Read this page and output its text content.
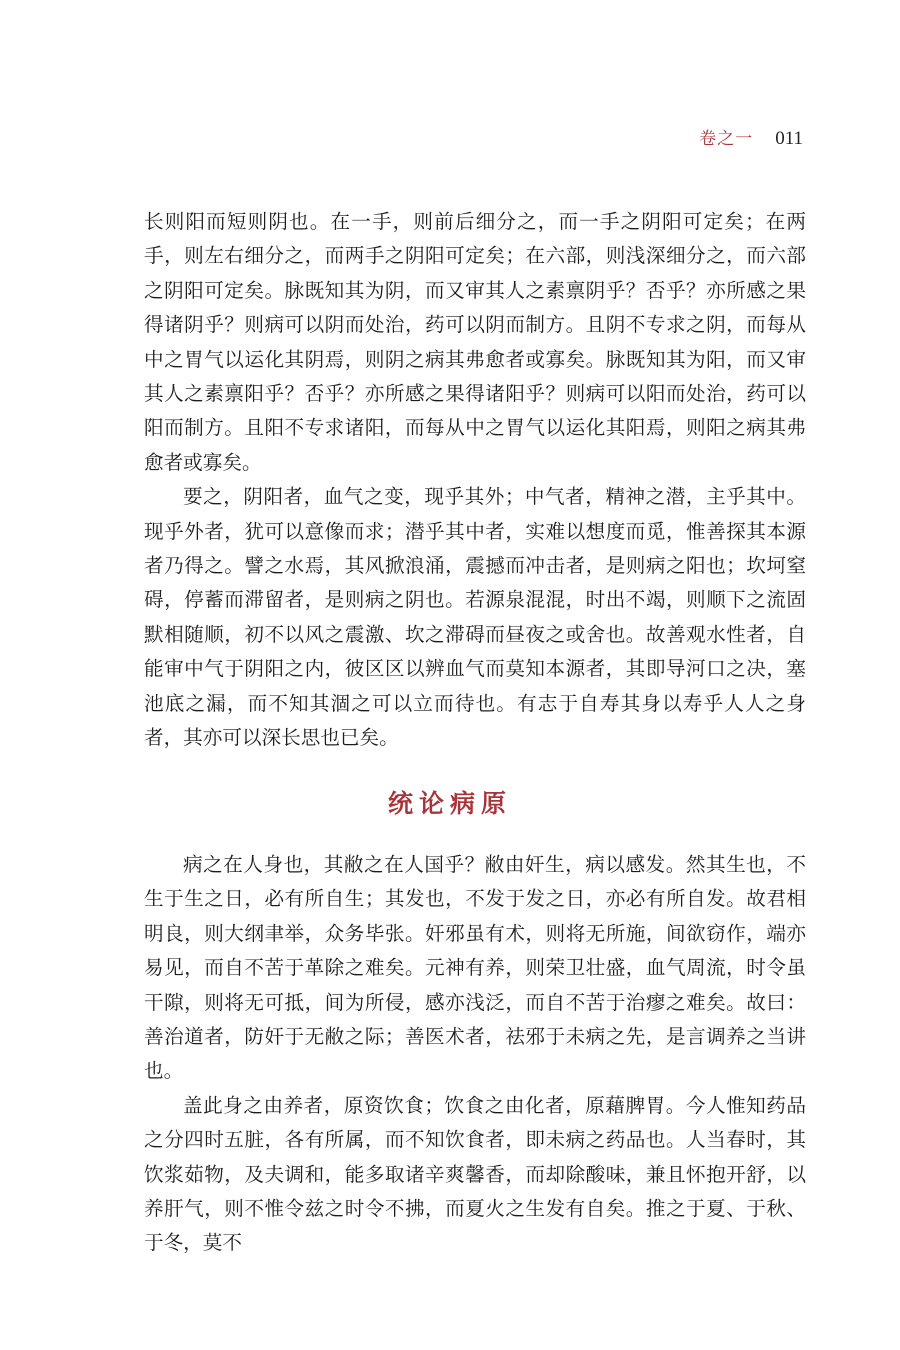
卷之一 011

长则阳而短则阴也。在一手，则前后细分之，而一手之阴阳可定矣；在两手，则左右细分之，而两手之阴阳可定矣；在六部，则浅深细分之，而六部之阴阳可定矣。脉既知其为阴，而又审其人之素禀阴乎？否乎？亦所感之果得诸阴乎？则病可以阴而处治，药可以阴而制方。且阴不专求之阴，而每从中之胃气以运化其阴焉，则阴之病其弗愈者或寡矣。脉既知其为阳，而又审其人之素禀阳乎？否乎？亦所感之果得诸阳乎？则病可以阳而处治，药可以阳而制方。且阳不专求诸阳，而每从中之胃气以运化其阳焉，则阳之病其弗愈者或寡矣。

要之，阴阳者，血气之变，现乎其外；中气者，精神之潜，主乎其中。现乎外者，犹可以意像而求；潜乎其中者，实难以想度而觅，惟善探其本源者乃得之。譬之水焉，其风掀浪涌，震撼而冲击者，是则病之阳也；坎坷窒碍，停蓄而滞留者，是则病之阴也。若源泉混混，时出不竭，则顺下之流固默相随顺，初不以风之震激、坎之滞碍而昼夜之或舍也。故善观水性者，自能审中气于阴阳之内，彼区区以辨血气而莫知本源者，其即导河口之决，塞池底之漏，而不知其涸之可以立而待也。有志于自寿其身以寿乎人人之身者，其亦可以深长思也已矣。

统论病原

病之在人身也，其敝之在人国乎？敝由奸生，病以感发。然其生也，不生于生之日，必有所自生；其发也，不发于发之日，亦必有所自发。故君相明良，则大纲聿举，众务毕张。奸邪虽有术，则将无所施，间欲窃作，端亦易见，而自不苦于革除之难矣。元神有养，则荣卫壮盛，血气周流，时令虽干隙，则将无可抵，间为所侵，感亦浅泛，而自不苦于治瘳之难矣。故曰：善治道者，防奸于无敝之际；善医术者，祛邪于未病之先，是言调养之当讲也。

盖此身之由养者，原资饮食；饮食之由化者，原藉脾胃。今人惟知药品之分四时五脏，各有所属，而不知饮食者，即未病之药品也。人当春时，其饮浆茹物，及夫调和，能多取诸辛爽馨香，而却除酸味，兼且怀抱开舒，以养肝气，则不惟令兹之时令不拂，而夏火之生发有自矣。推之于夏、于秋、于冬，莫不
